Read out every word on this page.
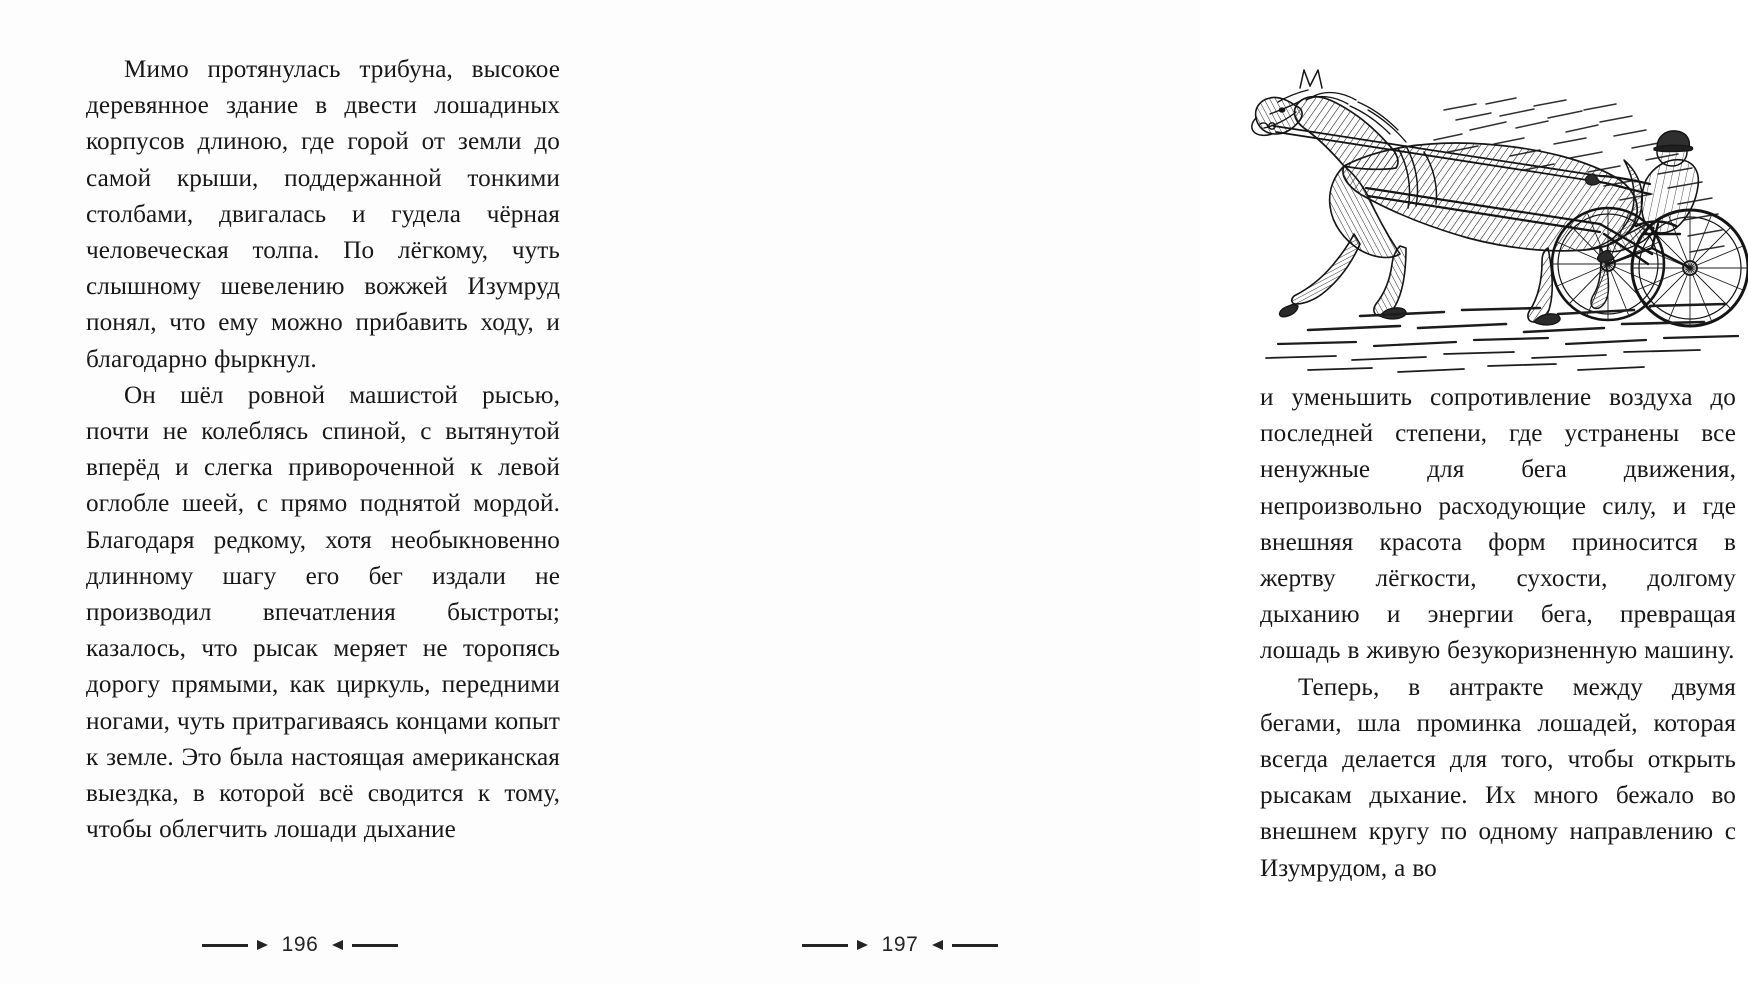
Мимо протянулась трибуна, высокое деревянное здание в двести лошадиных корпусов длиною, где горой от земли до самой крыши, поддержанной тонкими столбами, двигалась и гудела чёрная человеческая толпа. По лёгкому, чуть слышному шевелению вожжей Изумруд понял, что ему можно прибавить ходу, и благодарно фыркнул.

Он шёл ровной машистой рысью, почти не колеблясь спиной, с вытянутой вперёд и слегка привороченной к левой оглобле шеей, с прямо поднятой мордой. Благодаря редкому, хотя необыкновенно длинному шагу его бег издали не производил впечатления быстроты; казалось, что рысак меряет не торопясь дорогу прямыми, как циркуль, передними ногами, чуть притрагиваясь концами копыт к земле. Это была настоящая американская выездка, в которой всё сводится к тому, чтобы облегчить лошади дыхание

196

и уменьшить сопротивление воздуха до последней степени, где устранены все ненужные для бега движения, непроизвольно расходующие силу, и где внешняя красота форм приносится в жертву лёгкости, сухости, долгому дыханию и энергии бега, превращая лошадь в живую безукоризненную машину.

Теперь, в антракте между двумя бегами, шла проминка лошадей, которая всегда делается для того, чтобы открыть рысакам дыхание. Их много бежало во внешнем кругу по одному направлению с Изумрудом, а во

197
